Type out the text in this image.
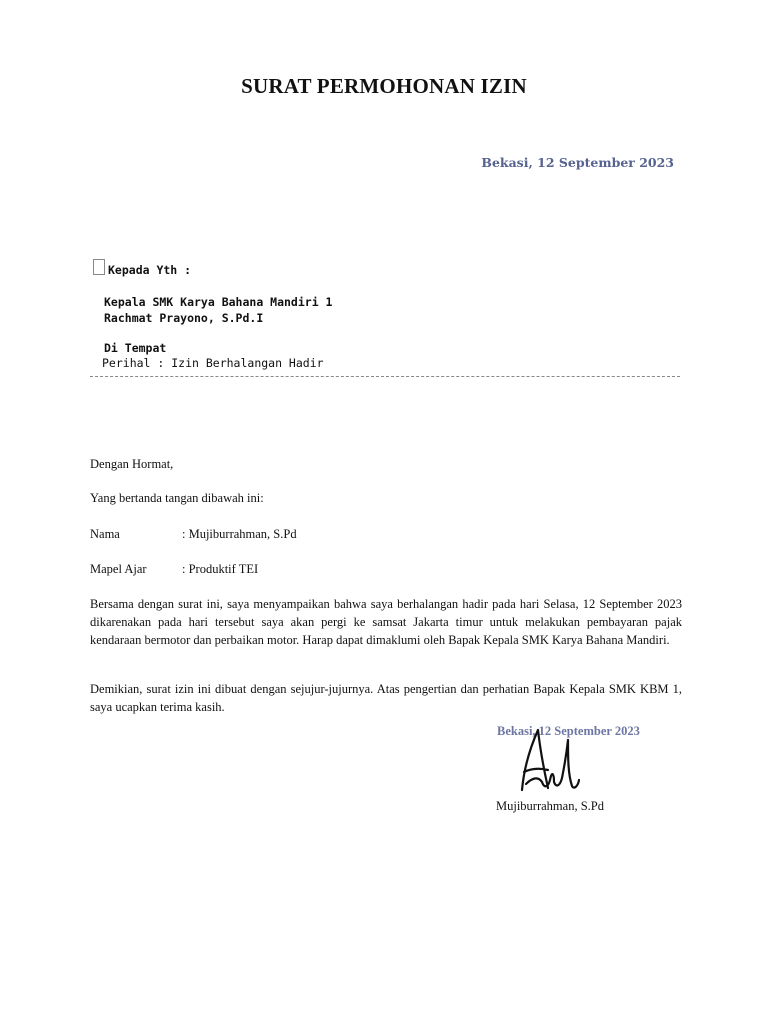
SURAT PERMOHONAN IZIN
Bekasi, 12 September 2023
Kepada Yth :
Kepala SMK Karya Bahana Mandiri 1
Rachmat Prayono, S.Pd.I
Di Tempat
Perihal : Izin Berhalangan Hadir
Dengan Hormat,
Yang bertanda tangan dibawah ini:
Nama	: Mujiburrahman, S.Pd
Mapel Ajar	: Produktif TEI
Bersama dengan surat ini, saya menyampaikan bahwa saya berhalangan hadir pada hari Selasa, 12 September 2023 dikarenakan pada hari tersebut saya akan pergi ke samsat Jakarta timur untuk melakukan pembayaran pajak kendaraan bermotor dan perbaikan motor. Harap dapat dimaklumi oleh Bapak Kepala SMK Karya Bahana Mandiri.
Demikian, surat izin ini dibuat dengan sejujur-jujurnya. Atas pengertian dan perhatian Bapak Kepala SMK KBM 1, saya ucapkan terima kasih.
Bekasi, 12 September 2023
Mujiburrahman, S.Pd
